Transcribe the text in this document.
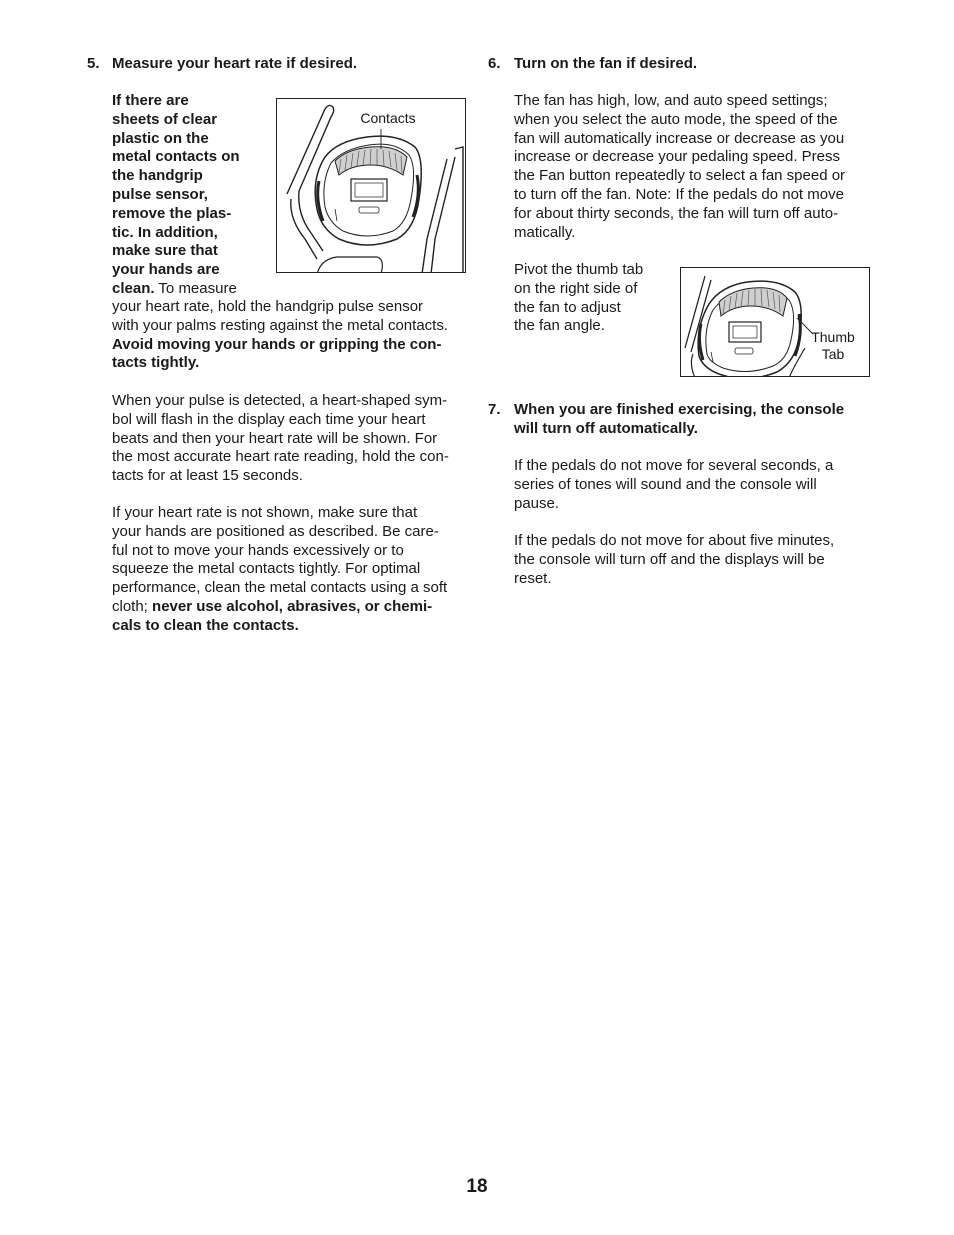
5. Measure your heart rate if desired.

If there are
sheets of clear
plastic on the
metal contacts on
the handgrip
pulse sensor,
remove the plas-
tic. In addition,
make sure that
your hands are
clean. To measure
your heart rate, hold the handgrip pulse sensor
with your palms resting against the metal contacts.
Avoid moving your hands or gripping the con-
tacts tightly.
When your pulse is detected, a heart-shaped sym-
bol will flash in the display each time your heart
beats and then your heart rate will be shown. For
the most accurate heart rate reading, hold the con-
tacts for at least 15 seconds.
If your heart rate is not shown, make sure that
your hands are positioned as described. Be care-
ful not to move your hands excessively or to
squeeze the metal contacts tightly. For optimal
performance, clean the metal contacts using a soft
cloth; never use alcohol, abrasives, or chemi-
cals to clean the contacts.
Contacts
6. Turn on the fan if desired.

The fan has high, low, and auto speed settings;
when you select the auto mode, the speed of the
fan will automatically increase or decrease as you
increase or decrease your pedaling speed. Press
the Fan button repeatedly to select a fan speed or
to turn off the fan. Note: If the pedals do not move
for about thirty seconds, the fan will turn off auto-
matically.
Pivot the thumb tab
on the right side of
the fan to adjust
the fan angle.
Thumb
Tab
7. When you are finished exercising, the console
will turn off automatically.
If the pedals do not move for several seconds, a
series of tones will sound and the console will
pause.
If the pedals do not move for about five minutes,
the console will turn off and the displays will be
reset.
18
